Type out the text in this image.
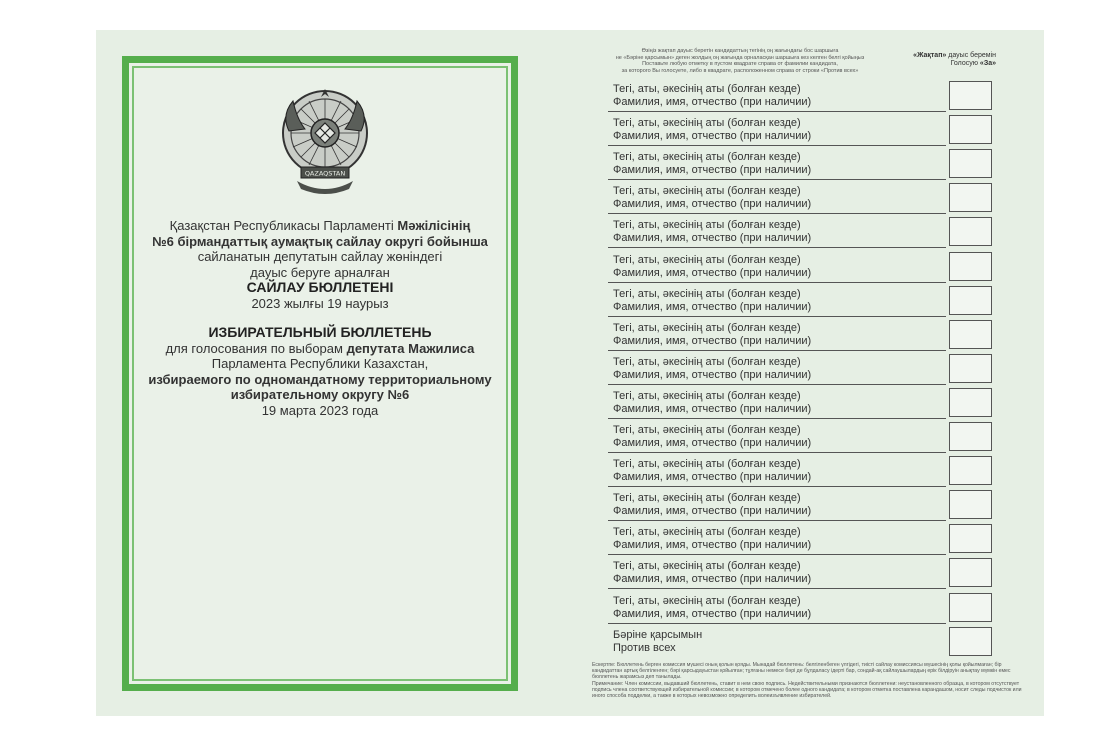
QAZAQSTAN
Қазақстан Республикасы Парламенті Мәжілісінің
№6 бірмандаттық аумақтық сайлау округі бойынша
сайланатын депутатын сайлау жөніндегі
дауыс беруге арналған
САЙЛАУ БЮЛЛЕТЕНІ
2023 жылғы 19 наурыз
ИЗБИРАТЕЛЬНЫЙ БЮЛЛЕТЕНЬ
для голосования по выборам депутата Мажилиса
Парламента Республики Казахстан,
избираемого по одномандатному территориальному
избирательному округу №6
19 марта 2023 года
Өзіңіз жақтап дауыс беретін кандидаттың тегінің оң жағындағы бос шаршыға
не «Бәріне қарсымын» деген жолдың оң жағында орналасқан шаршыға кез келген белгі қойыңыз
Поставьте любую отметку в пустом квадрате справа от фамилии кандидата,
за которого Вы голосуете, либо в квадрате, расположенном справа от строки «Против всех»
«Жақтап» дауыс беремін
Голосую «За»
Тегі, аты, әкесінің аты (болған кезде)
Фамилия, имя, отчество (при наличии)
Тегі, аты, әкесінің аты (болған кезде)
Фамилия, имя, отчество (при наличии)
Тегі, аты, әкесінің аты (болған кезде)
Фамилия, имя, отчество (при наличии)
Тегі, аты, әкесінің аты (болған кезде)
Фамилия, имя, отчество (при наличии)
Тегі, аты, әкесінің аты (болған кезде)
Фамилия, имя, отчество (при наличии)
Тегі, аты, әкесінің аты (болған кезде)
Фамилия, имя, отчество (при наличии)
Тегі, аты, әкесінің аты (болған кезде)
Фамилия, имя, отчество (при наличии)
Тегі, аты, әкесінің аты (болған кезде)
Фамилия, имя, отчество (при наличии)
Тегі, аты, әкесінің аты (болған кезде)
Фамилия, имя, отчество (при наличии)
Тегі, аты, әкесінің аты (болған кезде)
Фамилия, имя, отчество (при наличии)
Тегі, аты, әкесінің аты (болған кезде)
Фамилия, имя, отчество (при наличии)
Тегі, аты, әкесінің аты (болған кезде)
Фамилия, имя, отчество (при наличии)
Тегі, аты, әкесінің аты (болған кезде)
Фамилия, имя, отчество (при наличии)
Тегі, аты, әкесінің аты (болған кезде)
Фамилия, имя, отчество (при наличии)
Тегі, аты, әкесінің аты (болған кезде)
Фамилия, имя, отчество (при наличии)
Тегі, аты, әкесінің аты (болған кезде)
Фамилия, имя, отчество (при наличии)
Бәріне қарсымын
Против всех
Ескертпе: Бюллетень берген комиссия мүшесі оның қолын қояды. Мынадай бюллетень: белгіленбеген үлгідегі, тиісті сайлау комиссиясы мүшесінің қолы қойылмаған; бір кандидаттан артық белгіленген; бәрі қарсыдауыстан қойылған; тұлғаны немесе бәрі де бұлдаласу ідерті бар, сондай-ақ сайлаушылардың ерік білдіруін анықтау мүмкін емес бюллетень жарамсыз деп танылады.
Примечание: Член комиссии, выдавший бюллетень, ставит в нем свою подпись. Недействительными признаются бюллетени: неустановленного образца, в котором отсутствует подпись члена соответствующей избирательной комиссии; в котором отмечено более одного кандидата; в котором отметка поставлена карандашом, носит следы подчисток или иного способа подделки, а также в которых невозможно определить волеизъявление избирателей.
